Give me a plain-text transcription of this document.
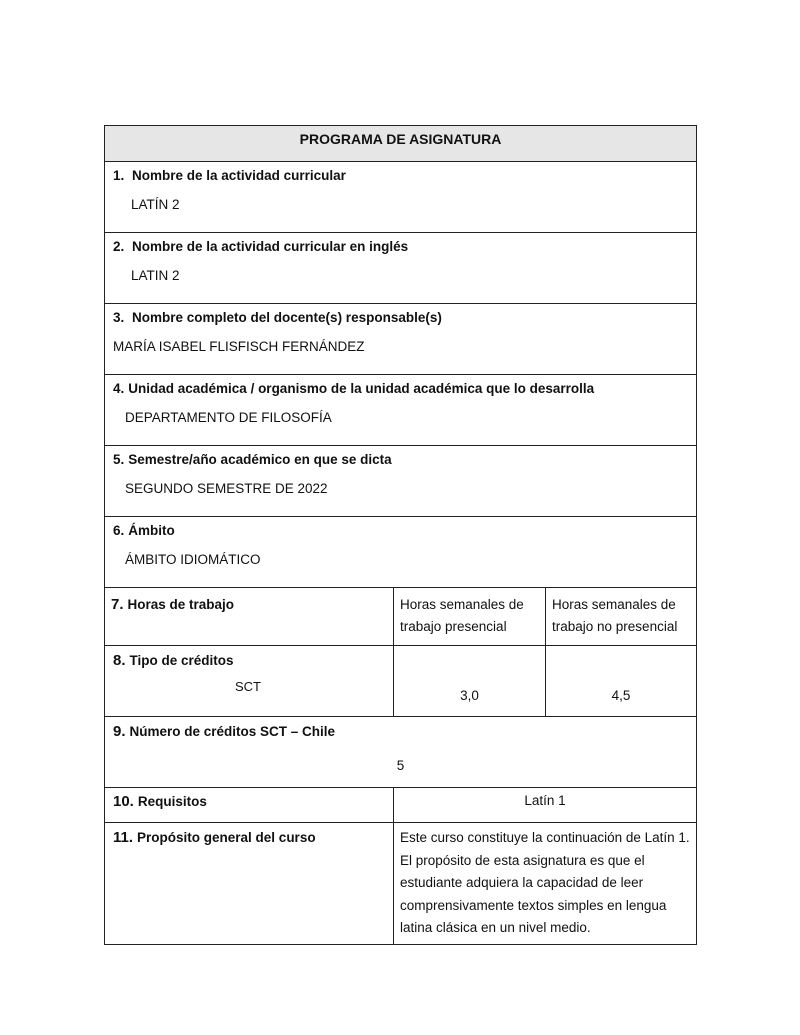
PROGRAMA DE ASIGNATURA		

1. Nombre de la actividad curricular
LATÍN 2		

2. Nombre de la actividad curricular en inglés
LATIN 2		

3. Nombre completo del docente(s) responsable(s)
MARÍA ISABEL FLISFISCH FERNÁNDEZ		

4. Unidad académica / organismo de la unidad académica que lo desarrolla
DEPARTAMENTO DE FILOSOFÍA		

5. Semestre/año académico en que se dicta
SEGUNDO SEMESTRE DE 2022		

6. Ámbito
ÁMBITO IDIOMÁTICO		

7. Horas de trabajo	Horas semanales de trabajo presencial	Horas semanales de trabajo no presencial

8. Tipo de créditos
SCT	3,0	4,5

9. Número de créditos SCT – Chile
5		

10. Requisitos	Latín 1	

11. Propósito general del curso	Este curso constituye la continuación de Latín 1. El propósito de esta asignatura es que el estudiante adquiera la capacidad de leer comprensivamente textos simples en lengua latina clásica en un nivel medio.	
